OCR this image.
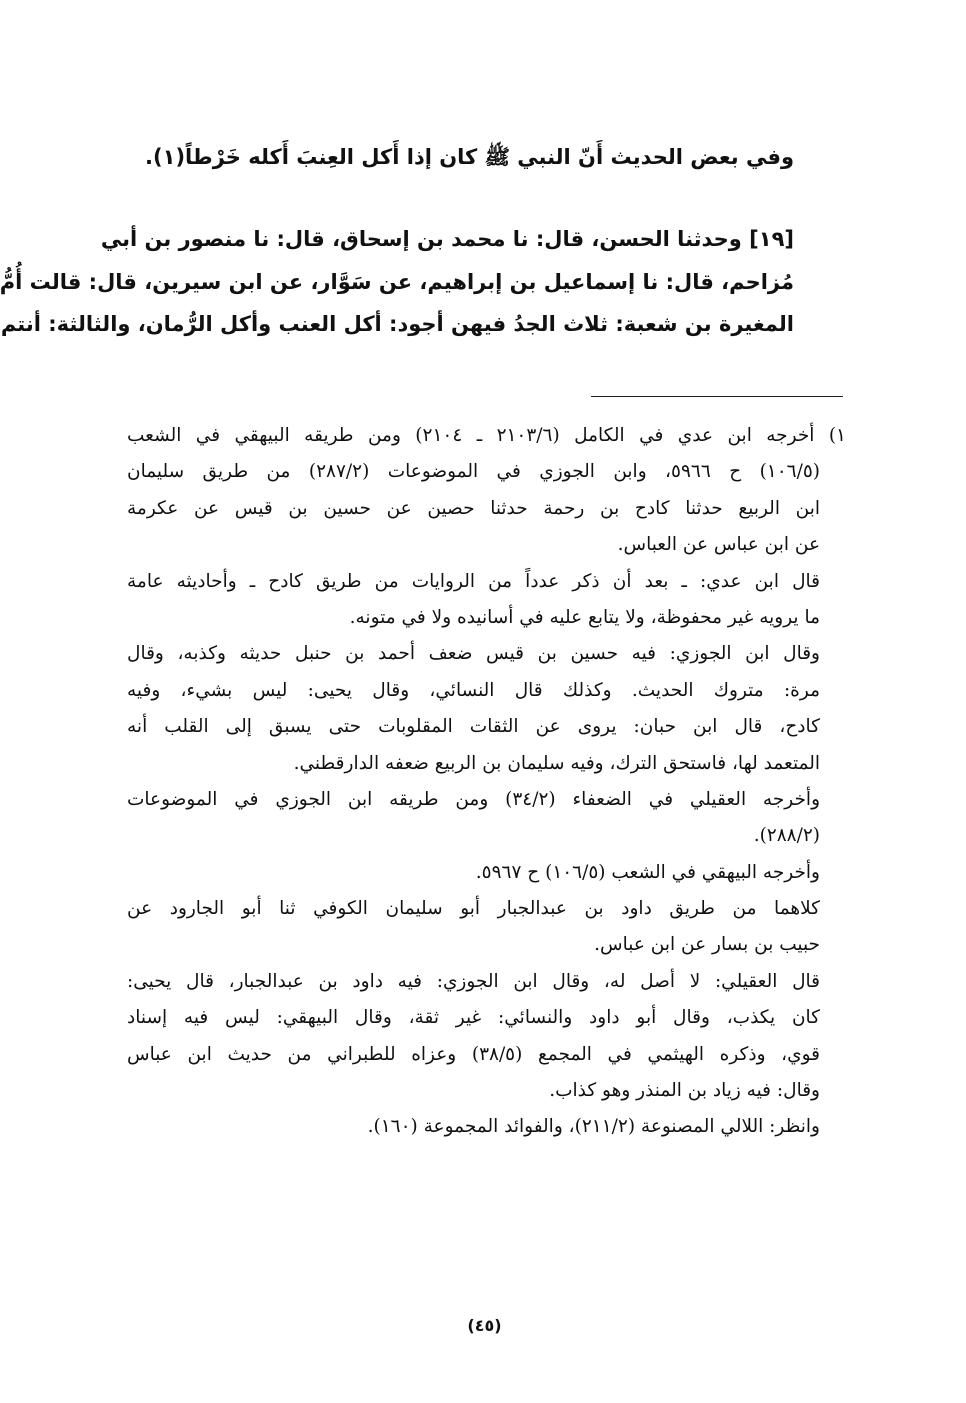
وفي بعض الحديث أَنّ النبي ﷺ كان إذا أَكل العِنبَ أَكله خَرْطاً(١).
[١٩] وحدثنا الحسن، قال: نا محمد بن إسحاق، قال: نا منصور بن أبي
مُزاحم، قال: نا إسماعيل بن إبراهيم، عن سَوَّار، عن ابن سيرين، قال: قالت أُمُّ
المغيرة بن شعبة: ثلاث الجدُ فيهن أجود: أكل العنب وأكل الرُّمان، والثالثة: أنتم
١) أخرجه ابن عدي في الكامل (٢١٠٣/٦ ـ ٢١٠٤) ومن طريقه البيهقي في الشعب
(١٠٦/٥) ح ٥٩٦٦، وابن الجوزي في الموضوعات (٢٨٧/٢) من طريق سليمان
ابن الربيع حدثنا كادح بن رحمة حدثنا حصين عن حسين بن قيس عن عكرمة
عن ابن عباس عن العباس.
قال ابن عدي: ـ بعد أن ذكر عدداً من الروايات من طريق كادح ـ وأحاديثه عامة
ما يرويه غير محفوظة، ولا يتابع عليه في أسانيده ولا في متونه.
وقال ابن الجوزي: فيه حسين بن قيس ضعف أحمد بن حنبل حديثه وكذبه، وقال
مرة: متروك الحديث. وكذلك قال النسائي، وقال يحيى: ليس بشيء، وفيه
كادح، قال ابن حبان: يروى عن الثقات المقلوبات حتى يسبق إلى القلب أنه
المتعمد لها، فاستحق الترك، وفيه سليمان بن الربيع ضعفه الدارقطني.
وأخرجه العقيلي في الضعفاء (٣٤/٢) ومن طريقه ابن الجوزي في الموضوعات
(٢٨٨/٢).
وأخرجه البيهقي في الشعب (١٠٦/٥) ح ٥٩٦٧.
كلاهما من طريق داود بن عبدالجبار أبو سليمان الكوفي ثنا أبو الجارود عن
حبيب بن بسار عن ابن عباس.
قال العقيلي: لا أصل له، وقال ابن الجوزي: فيه داود بن عبدالجبار، قال يحيى:
كان يكذب، وقال أبو داود والنسائي: غير ثقة، وقال البيهقي: ليس فيه إسناد
قوي، وذكره الهيثمي في المجمع (٣٨/٥) وعزاه للطبراني من حديث ابن عباس
وقال: فيه زياد بن المنذر وهو كذاب.
وانظر: اللالي المصنوعة (٢١١/٢)، والفوائد المجموعة (١٦٠).
(٤٥)
